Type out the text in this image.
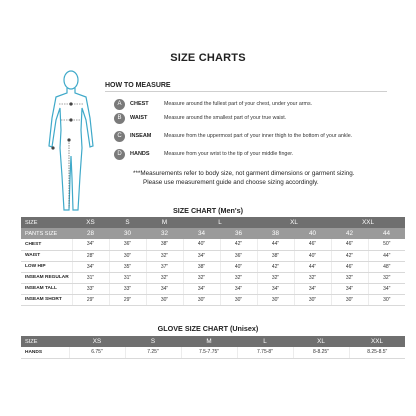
SIZE CHARTS
HOW TO MEASURE
A	CHEST	Measure around the fullest part of your chest, under your arms.
B	WAIST	Measure around the smallest part of your true waist.
C	INSEAM	Measure from the uppermost part of your inner thigh to the bottom of your ankle.
D	HANDS	Measure from your wrist to the tip of your middle finger.
***Measurements refer to body size, not garment dimensions or garment sizing.
Please use measurement guide and choose sizing accordingly.
SIZE CHART (Men's)
SIZE	XS	S	M	L		XL		XXL	
PANTS SIZE	28	30	32	34	36	38	40	42	44
CHEST	34"	36"	38"	40"	42"	44"	46"	46"	50"
WAIST	28"	30"	32"	34"	36"	38"	40"	42"	44"
LOW HIP	34"	35"	37"	38"	40"	42"	44"	46"	48"
INSEAM REGULAR	31"	31"	32"	32"	32"	32"	32"	32"	32"
INSEAM TALL	33"	33"	34"	34"	34"	34"	34"	34"	34"
INSEAM SHORT	29"	29"	30"	30"	30"	30"	30"	30"	30"
GLOVE SIZE CHART (Unisex)
SIZE	XS	S	M	L	XL	XXL
HANDS	6.75"	7.25"	7.5-7.75"	7.75-8"	8-8.25"	8.25-8.5"
